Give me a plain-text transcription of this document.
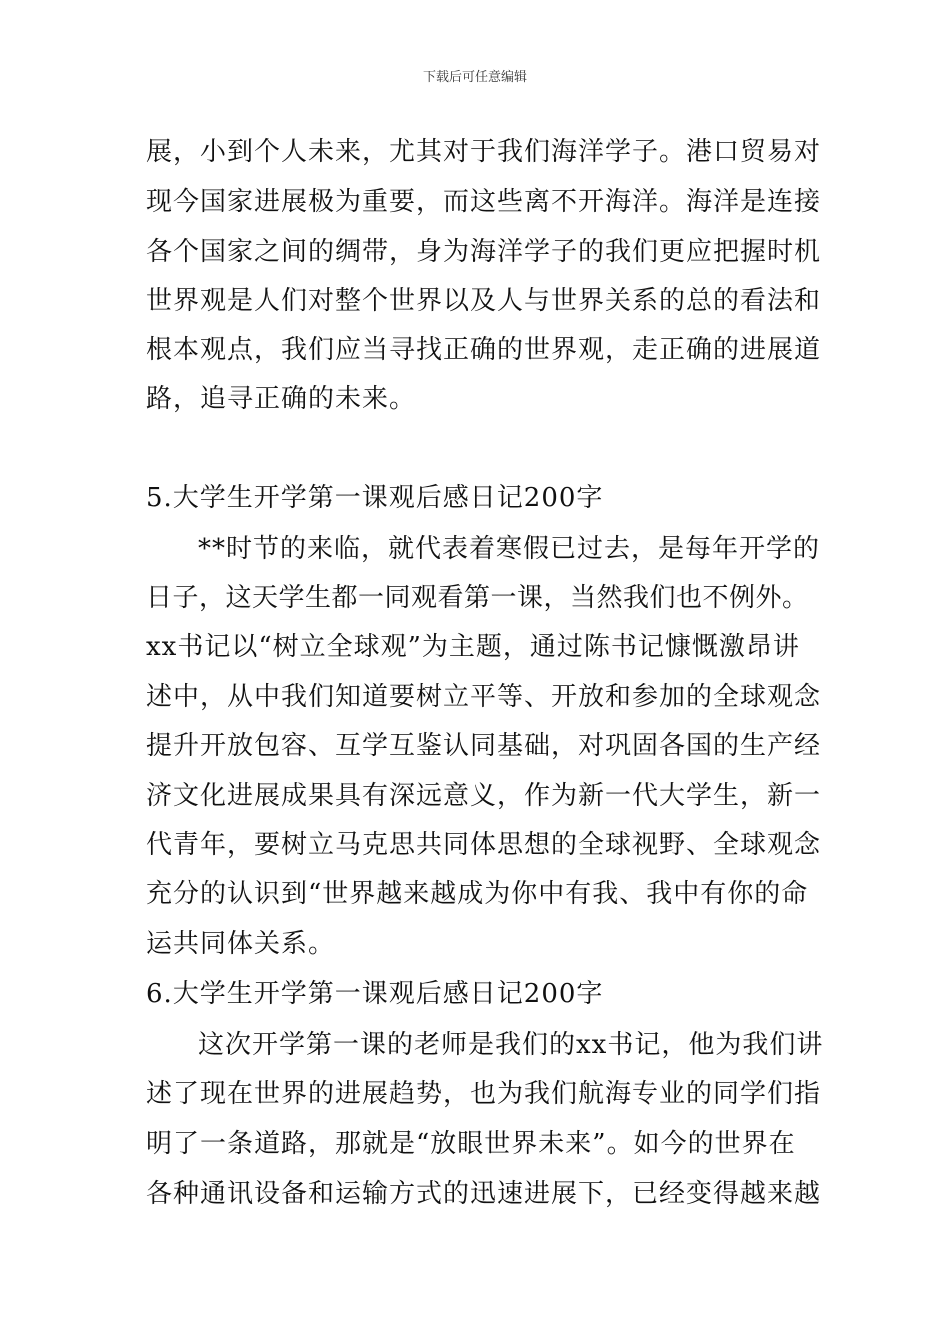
下载后可任意编辑
展，小到个人未来，尤其对于我们海洋学子。港口贸易对
现今国家进展极为重要，而这些离不开海洋。海洋是连接
各个国家之间的绸带，身为海洋学子的我们更应把握时机
世界观是人们对整个世界以及人与世界关系的总的看法和
根本观点，我们应当寻找正确的世界观，走正确的进展道
路，追寻正确的未来。
5.大学生开学第一课观后感日记200字
**时节的来临，就代表着寒假已过去，是每年开学的
日子，这天学生都一同观看第一课，当然我们也不例外。
xx书记以“树立全球观”为主题，通过陈书记慷慨激昂讲
述中，从中我们知道要树立平等、开放和参加的全球观念
提升开放包容、互学互鉴认同基础，对巩固各国的生产经
济文化进展成果具有深远意义，作为新一代大学生，新一
代青年，要树立马克思共同体思想的全球视野、全球观念
充分的认识到“世界越来越成为你中有我、我中有你的命
运共同体关系。
6.大学生开学第一课观后感日记200字
这次开学第一课的老师是我们的xx书记，他为我们讲
述了现在世界的进展趋势，也为我们航海专业的同学们指
明了一条道路，那就是“放眼世界未来”。如今的世界在
各种通讯设备和运输方式的迅速进展下，已经变得越来越
